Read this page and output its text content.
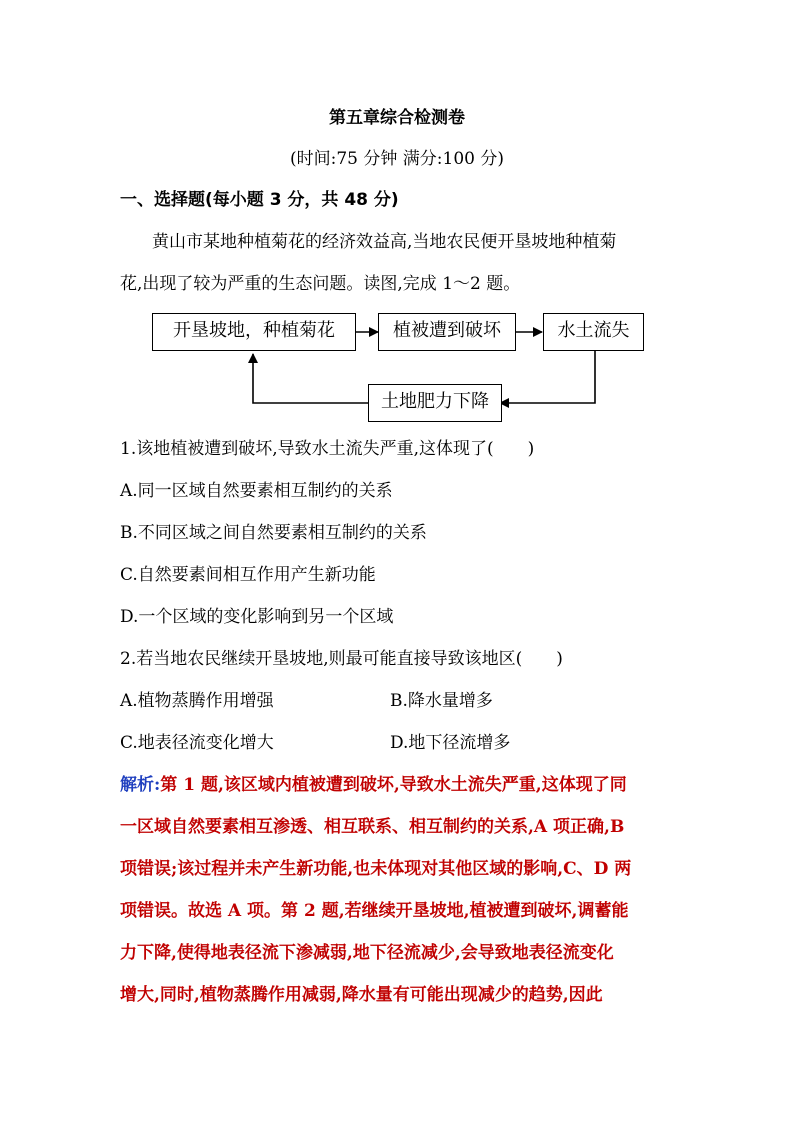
第五章综合检测卷
(时间:75 分钟 满分:100 分)
一、选择题(每小题 3 分，共 48 分)
黄山市某地种植菊花的经济效益高,当地农民便开垦坡地种植菊
花,出现了较为严重的生态问题。读图,完成 1～2 题。
开垦坡地，种植菊花	植被遭到破坏	水土流失
土地肥力下降
1.该地植被遭到破坏,导致水土流失严重,这体现了(　　)
A.同一区域自然要素相互制约的关系
B.不同区域之间自然要素相互制约的关系
C.自然要素间相互作用产生新功能
D.一个区域的变化影响到另一个区域
2.若当地农民继续开垦坡地,则最可能直接导致该地区(　　)
A.植物蒸腾作用增强	B.降水量增多
C.地表径流变化增大	D.地下径流增多
解析:第 1 题,该区域内植被遭到破坏,导致水土流失严重,这体现了同
一区域自然要素相互渗透、相互联系、相互制约的关系,A 项正确,B
项错误;该过程并未产生新功能,也未体现对其他区域的影响,C、D 两
项错误。故选 A 项。第 2 题,若继续开垦坡地,植被遭到破坏,调蓄能
力下降,使得地表径流下渗减弱,地下径流减少,会导致地表径流变化
增大,同时,植物蒸腾作用减弱,降水量有可能出现减少的趋势,因此
